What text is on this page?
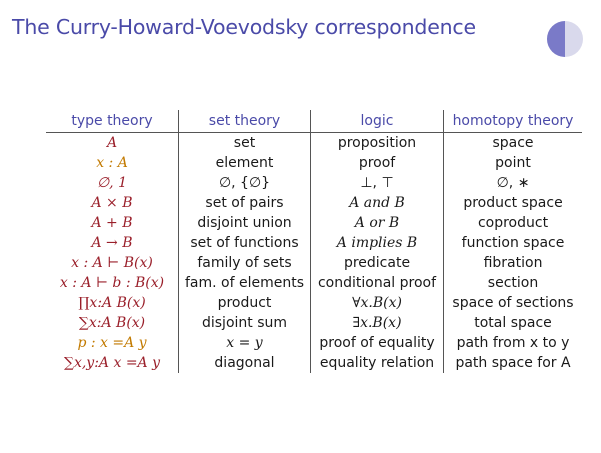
The Curry-Howard-Voevodsky correspondence
type theory	set theory	logic	homotopy theory
A	set	proposition	space
x : A	element	proof	point
∅, 1	∅, {∅}	⊥, ⊤	∅, ∗
A × B	set of pairs	A and B	product space
A + B	disjoint union	A or B	coproduct
A → B	set of functions	A implies B	function space
x : A ⊢ B(x)	family of sets	predicate	fibration
x : A ⊢ b : B(x)	fam. of elements	conditional proof	section
∏x:A B(x)	product	∀x.B(x)	space of sections
∑x:A B(x)	disjoint sum	∃x.B(x)	total space
p : x =A y	x = y	proof of equality	path from x to y
∑x,y:A x =A y	diagonal	equality relation	path space for A
